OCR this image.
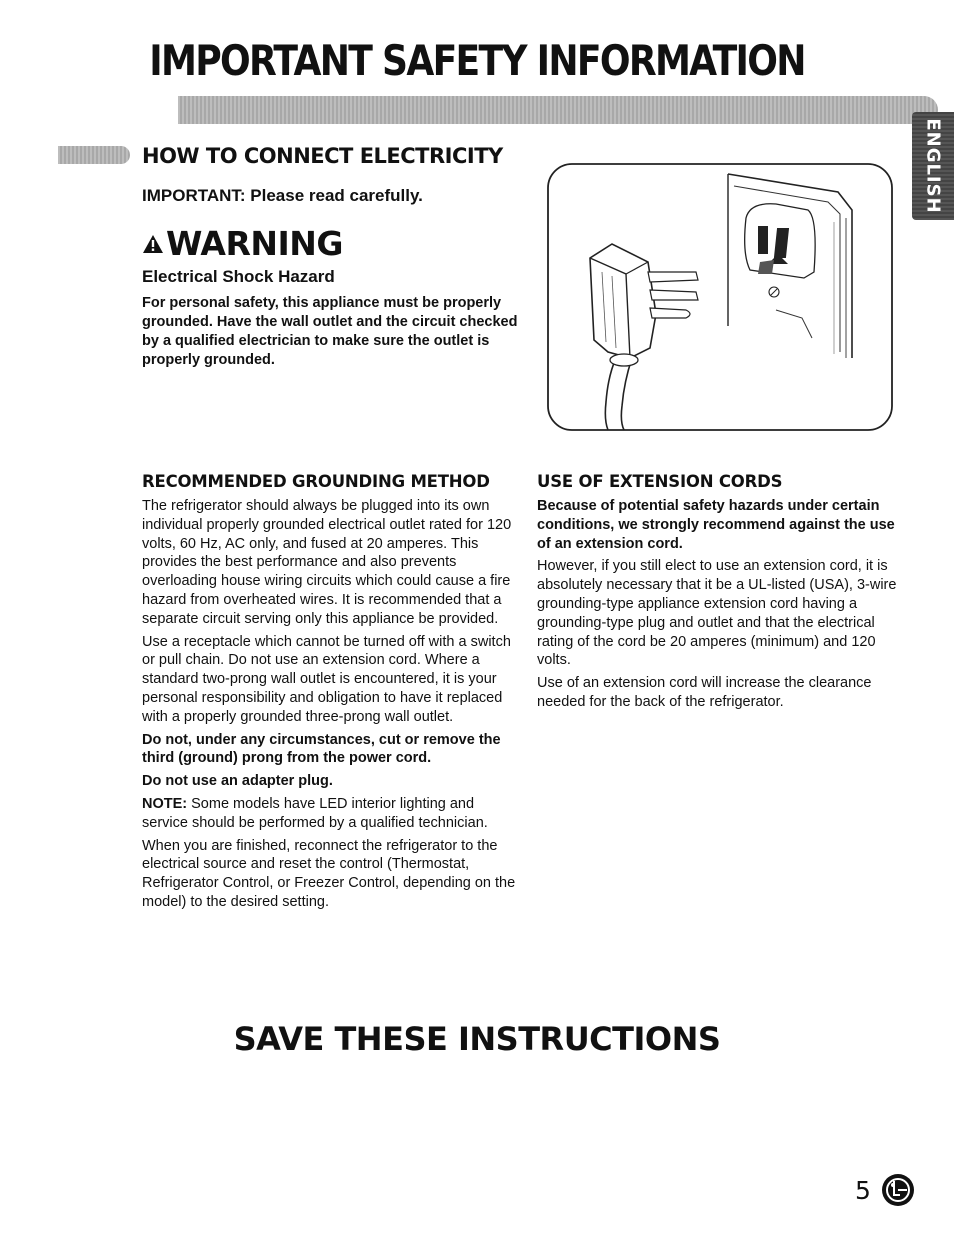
IMPORTANT SAFETY INFORMATION
ENGLISH
HOW TO CONNECT ELECTRICITY
IMPORTANT: Please read carefully.
WARNING
Electrical Shock Hazard
For personal safety, this appliance must be properly grounded. Have the wall outlet and the circuit checked by a qualified electrician to make sure the outlet is properly grounded.
RECOMMENDED GROUNDING METHOD

The refrigerator should always be plugged into its own individual properly grounded electrical outlet rated for 120 volts, 60 Hz, AC only, and fused at 20 amperes. This provides the best performance and also prevents overloading house wiring circuits which could cause a fire hazard from overheated wires. It is recommended that a separate circuit serving only this appliance be provided.

Use a receptacle which cannot be turned off with a switch or pull chain. Do not use an extension cord. Where a standard two-prong wall outlet is encountered, it is your personal responsibility and obligation to have it replaced with a properly grounded three-prong wall outlet.

Do not, under any circumstances, cut or remove the third (ground) prong from the power cord.

Do not use an adapter plug.

NOTE: Some models have LED interior lighting and service should be performed by a qualified technician.

When you are finished, reconnect the refrigerator to the electrical source and reset the control (Thermostat, Refrigerator Control, or Freezer Control, depending on the model) to the desired setting.

USE OF EXTENSION CORDS

Because of potential safety hazards under certain conditions, we strongly recommend against the use of an extension cord.

However, if you still elect to use an extension cord, it is absolutely necessary that it be a UL-listed (USA), 3-wire grounding-type appliance extension cord having a grounding-type plug and outlet and that the electrical rating of the cord be 20 amperes (minimum) and 120 volts.

Use of an extension cord will increase the clearance needed for the back of the refrigerator.

SAVE THESE INSTRUCTIONS
5
